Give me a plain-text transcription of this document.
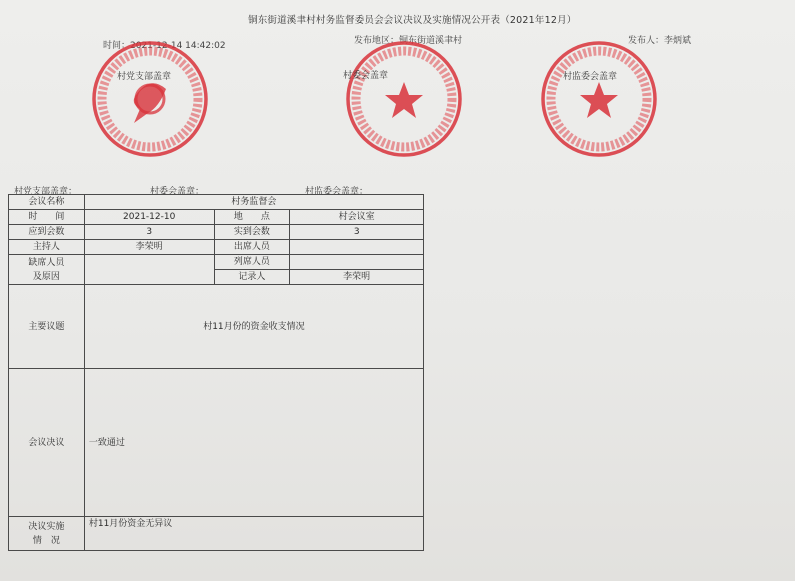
铜东街道溪聿村村务监督委员会会议决议及实施情况公开表（2021年12月）
时间：2021-12-14 14:42:02	发布地区：铜东街道溪聿村	发布人：李炳斌
村党支部盖章	村委会盖章	村监委会盖章
村党支部盖章：	村委会盖章：	村监委会盖章：
会议名称	村务监督会		
时　　间	2021-12-10	地　　点	村会议室
应到会数	3	实到会数	3
主持人	李荣明	出席人员	

缺席人员
及原因		列席人员	
		记录人	李荣明
主要议题	村11月份的资金收支情况		
会议决议	一致通过		

决议实施
情　况	村11月份资金无异议		
